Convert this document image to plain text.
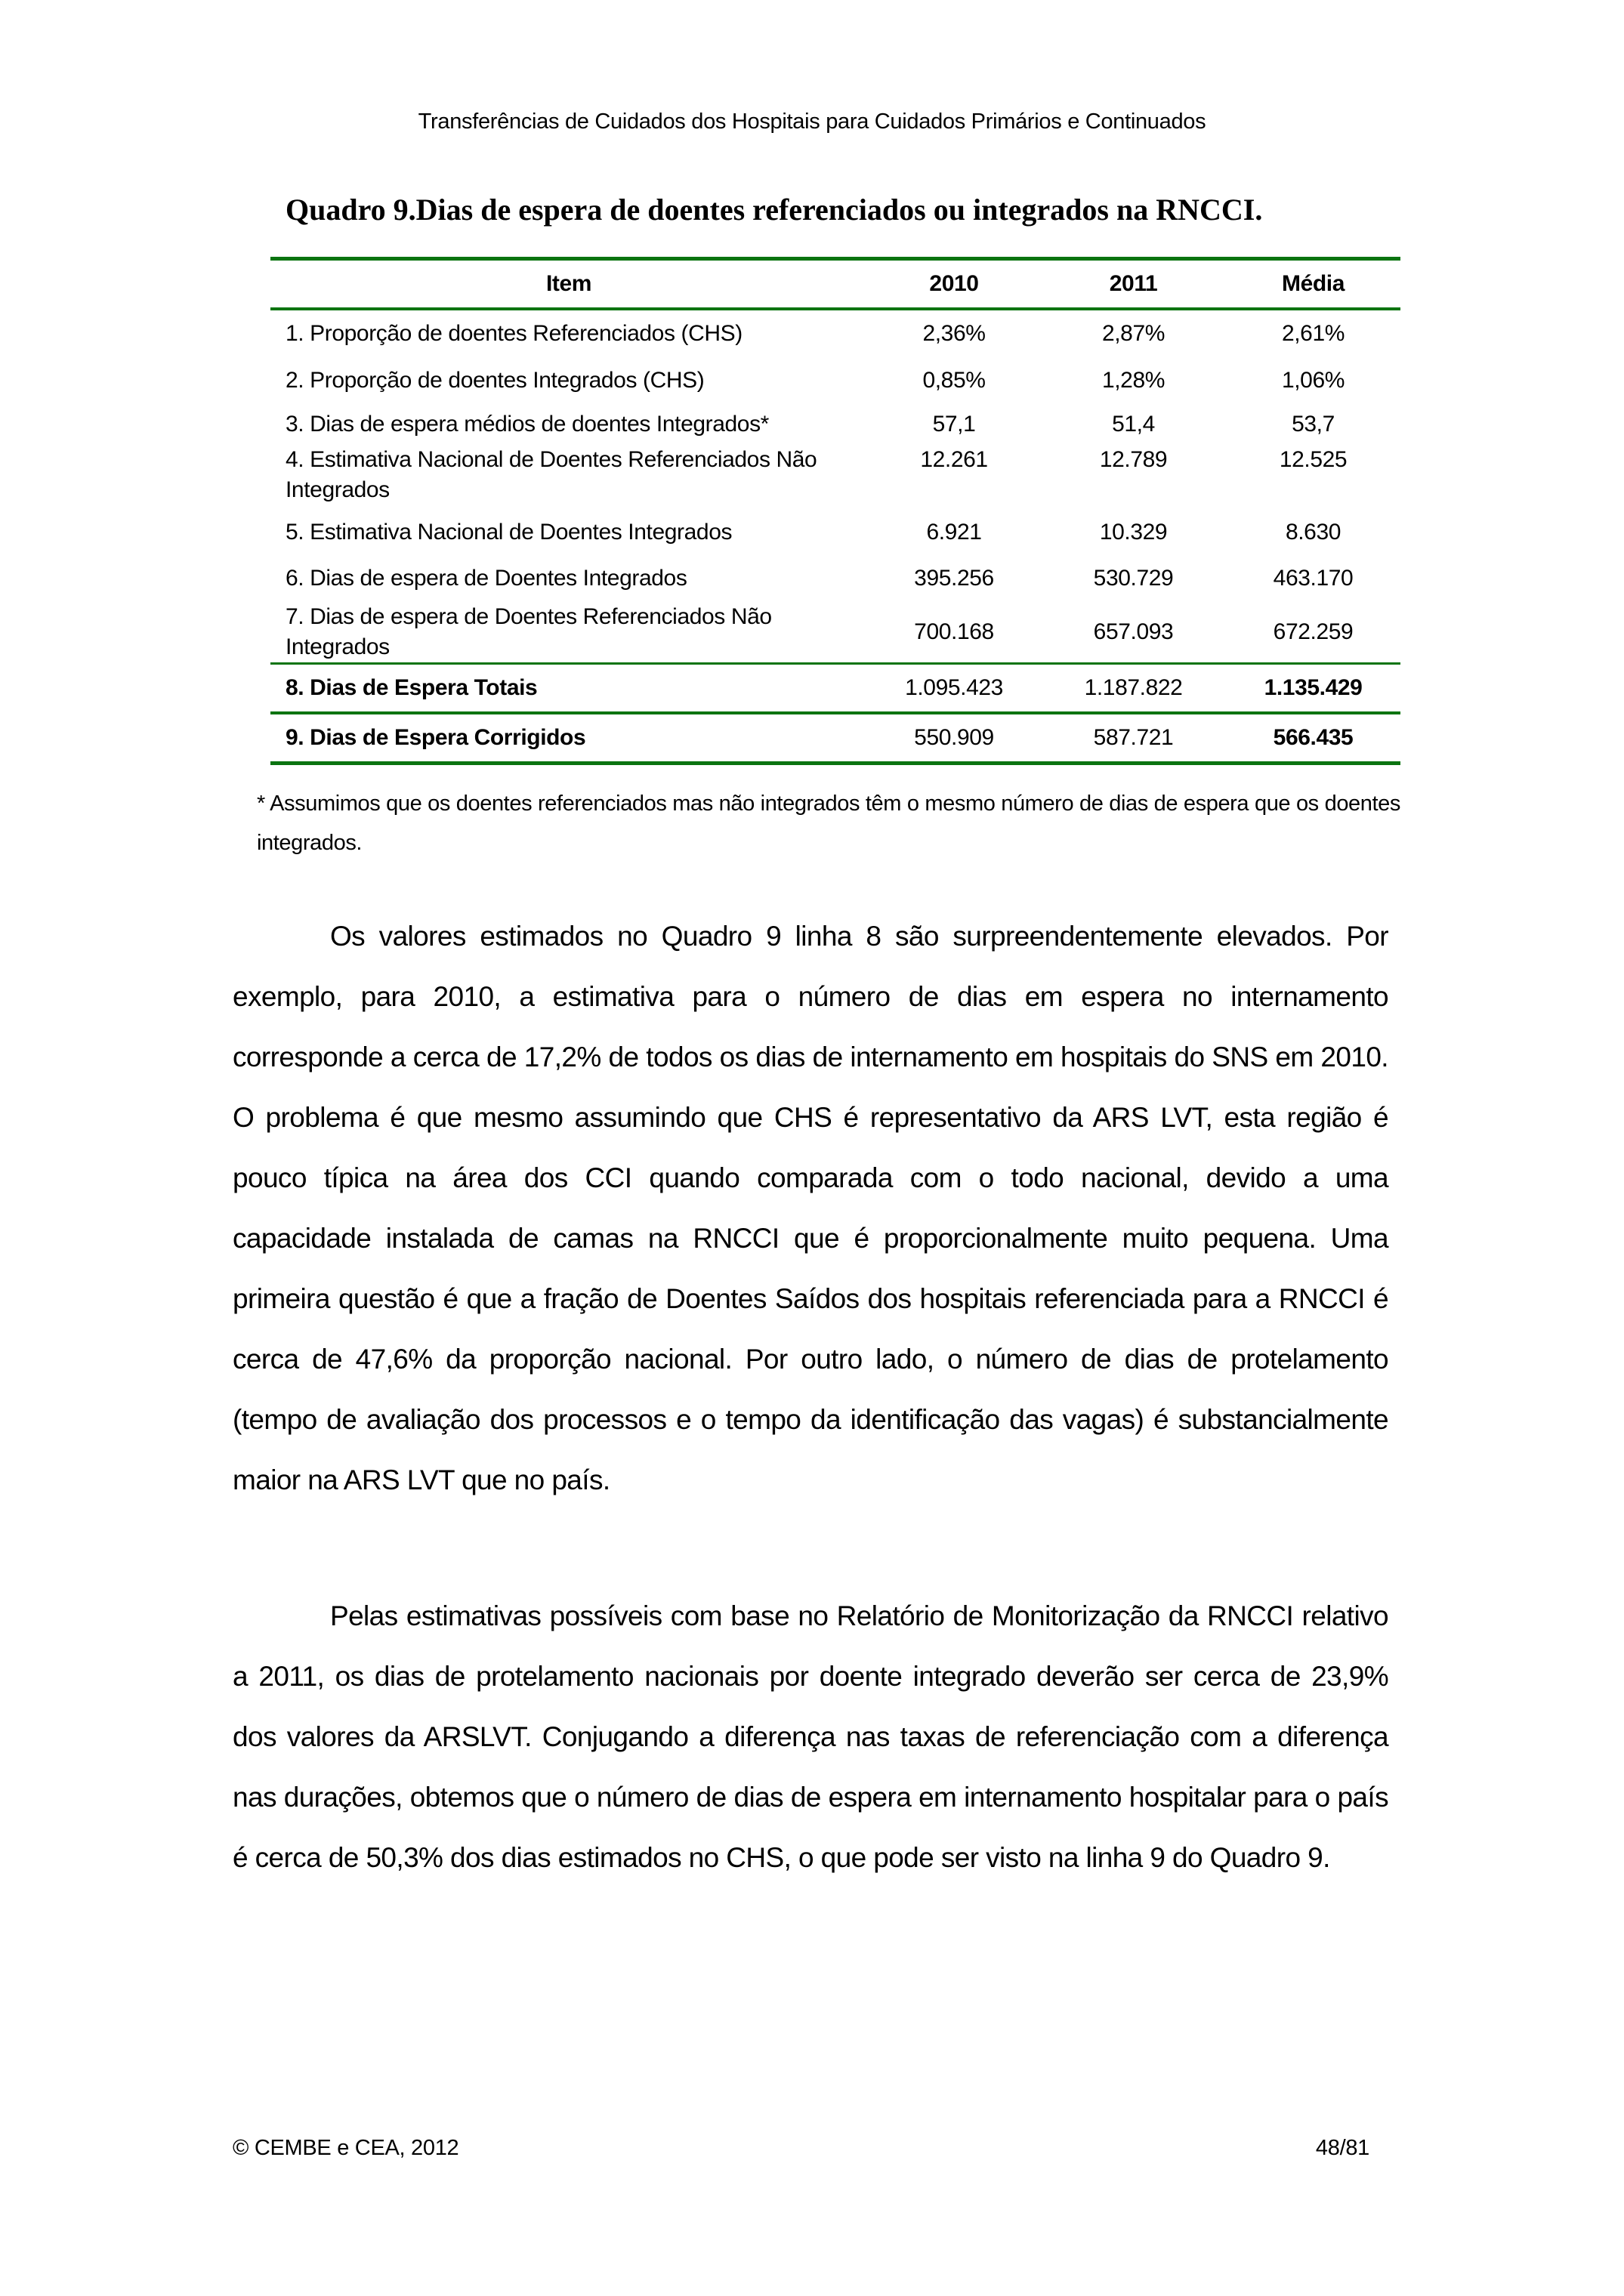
Transferências de Cuidados dos Hospitais para Cuidados Primários e Continuados
Quadro 9.Dias de espera de doentes referenciados ou integrados na RNCCI.
Item	2010	2011	Média
1. Proporção de doentes Referenciados (CHS)	2,36%	2,87%	2,61%
2. Proporção de doentes Integrados (CHS)	0,85%	1,28%	1,06%
3. Dias de espera médios de doentes Integrados*	57,1	51,4	53,7
4. Estimativa Nacional de Doentes Referenciados Não Integrados	12.261	12.789	12.525
5. Estimativa Nacional de Doentes Integrados	6.921	10.329	8.630
6. Dias de espera de Doentes Integrados	395.256	530.729	463.170
7. Dias de espera de Doentes Referenciados Não Integrados	700.168	657.093	672.259
8. Dias de Espera Totais	1.095.423	1.187.822	1.135.429
9. Dias de Espera Corrigidos	550.909	587.721	566.435
* Assumimos que os doentes referenciados mas não integrados têm o mesmo número de dias de espera que os doentes integrados.

Os valores estimados no Quadro 9 linha 8 são surpreendentemente elevados. Por exemplo, para 2010, a estimativa para o número de dias em espera no internamento corresponde a cerca de 17,2% de todos os dias de internamento em hospitais do SNS em 2010. O problema é que mesmo assumindo que CHS é representativo da ARS LVT, esta região é pouco típica na área dos CCI quando comparada com o todo nacional, devido a uma capacidade instalada de camas na RNCCI que é proporcionalmente muito pequena. Uma primeira questão é que a fração de Doentes Saídos dos hospitais referenciada para a RNCCI é cerca de 47,6% da proporção nacional. Por outro lado, o número de dias de protelamento (tempo de avaliação dos processos e o tempo da identificação das vagas) é substancialmente maior na ARS LVT que no país.

Pelas estimativas possíveis com base no Relatório de Monitorização da RNCCI relativo a 2011, os dias de protelamento nacionais por doente integrado deverão ser cerca de 23,9% dos valores da ARSLVT. Conjugando a diferença nas taxas de referenciação com a diferença nas durações, obtemos que o número de dias de espera em internamento hospitalar para o país é cerca de 50,3% dos dias estimados no CHS, o que pode ser visto na linha 9 do Quadro 9.

© CEMBE e CEA, 2012	48/81
